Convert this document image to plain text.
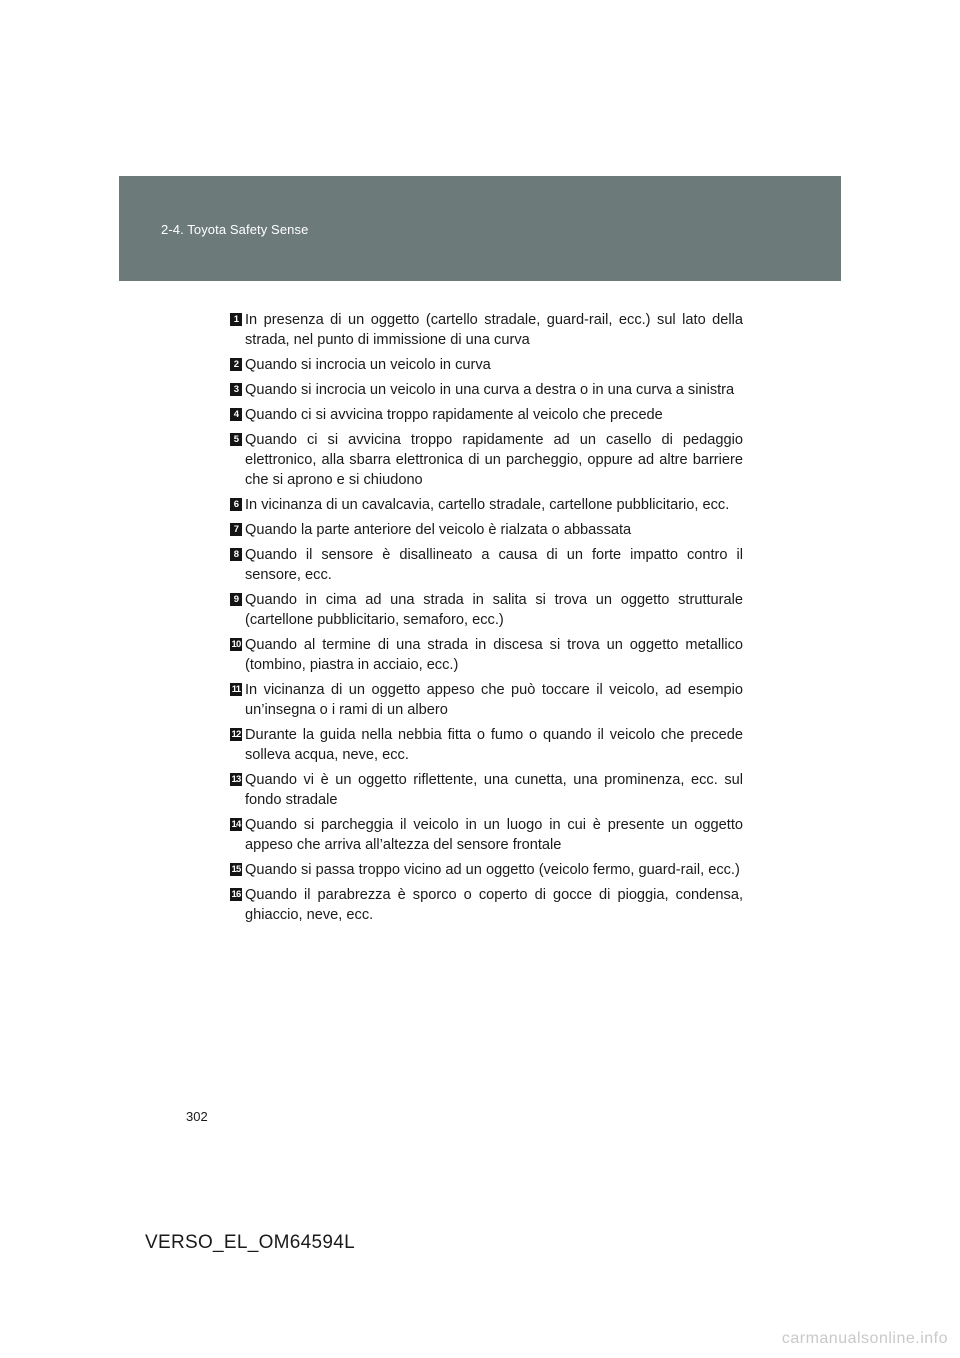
2-4. Toyota Safety Sense
1 In presenza di un oggetto (cartello stradale, guard-rail, ecc.) sul lato della strada, nel punto di immissione di una curva
2 Quando si incrocia un veicolo in curva
3 Quando si incrocia un veicolo in una curva a destra o in una curva a sinistra
4 Quando ci si avvicina troppo rapidamente al veicolo che precede
5 Quando ci si avvicina troppo rapidamente ad un casello di pedaggio elettronico, alla sbarra elettronica di un parcheggio, oppure ad altre barriere che si aprono e si chiudono
6 In vicinanza di un cavalcavia, cartello stradale, cartellone pubblicitario, ecc.
7 Quando la parte anteriore del veicolo è rialzata o abbassata
8 Quando il sensore è disallineato a causa di un forte impatto contro il sensore, ecc.
9 Quando in cima ad una strada in salita si trova un oggetto strutturale (cartellone pubblicitario, semaforo, ecc.)
10 Quando al termine di una strada in discesa si trova un oggetto metallico (tombino, piastra in acciaio, ecc.)
11 In vicinanza di un oggetto appeso che può toccare il veicolo, ad esempio un’insegna o i rami di un albero
12 Durante la guida nella nebbia fitta o fumo o quando il veicolo che precede solleva acqua, neve, ecc.
13 Quando vi è un oggetto riflettente, una cunetta, una prominenza, ecc. sul fondo stradale
14 Quando si parcheggia il veicolo in un luogo in cui è presente un oggetto appeso che arriva all’altezza del sensore frontale
15 Quando si passa troppo vicino ad un oggetto (veicolo fermo, guard-rail, ecc.)
16 Quando il parabrezza è sporco o coperto di gocce di pioggia, condensa, ghiaccio, neve, ecc.
302
VERSO_EL_OM64594L
carmanualsonline.info
